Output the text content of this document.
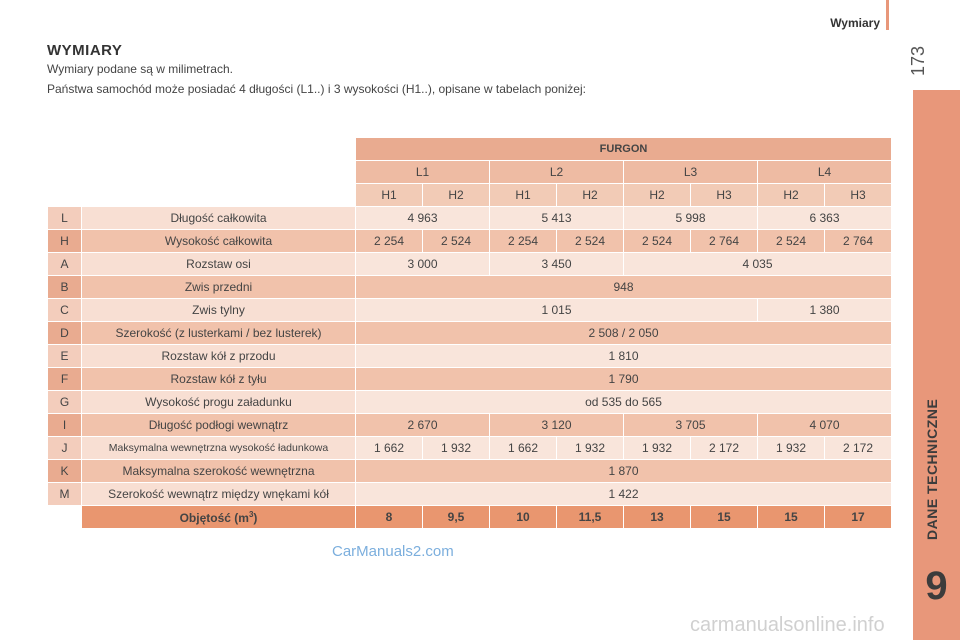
Wymiary
173
DANE TECHNICZNE
9
WYMIARY
Wymiary podane są w milimetrach.
Państwa samochód może posiadać 4 długości (L1..) i 3 wysokości (H1..), opisane w tabelach poniżej:
		FURGON							
		L1		L2		L3		L4	
		H1	H2	H1	H2	H2	H3	H2	H3
L	Długość całkowita	4 963		5 413		5 998		6 363	
H	Wysokość całkowita	2 254	2 524	2 254	2 524	2 524	2 764	2 524	2 764
A	Rozstaw osi	3 000		3 450		4 035			
B	Zwis przedni	948							
C	Zwis tylny	1 015						1 380	
D	Szerokość (z lusterkami / bez lusterek)	2 508 / 2 050							
E	Rozstaw kół z przodu	1 810							
F	Rozstaw kół z tyłu	1 790							
G	Wysokość progu załadunku	od 535 do 565							
I	Długość podłogi wewnątrz	2 670		3 120		3 705		4 070	
J	Maksymalna wewnętrzna wysokość ładunkowa	1 662	1 932	1 662	1 932	1 932	2 172	1 932	2 172
K	Maksymalna szerokość wewnętrzna	1 870							
M	Szerokość wewnątrz między wnękami kół	1 422							
	Objętość $(m^3)$	8	9,5	10	11,5	13	15	15	17
CarManuals2.com
carmanualsonline.info
